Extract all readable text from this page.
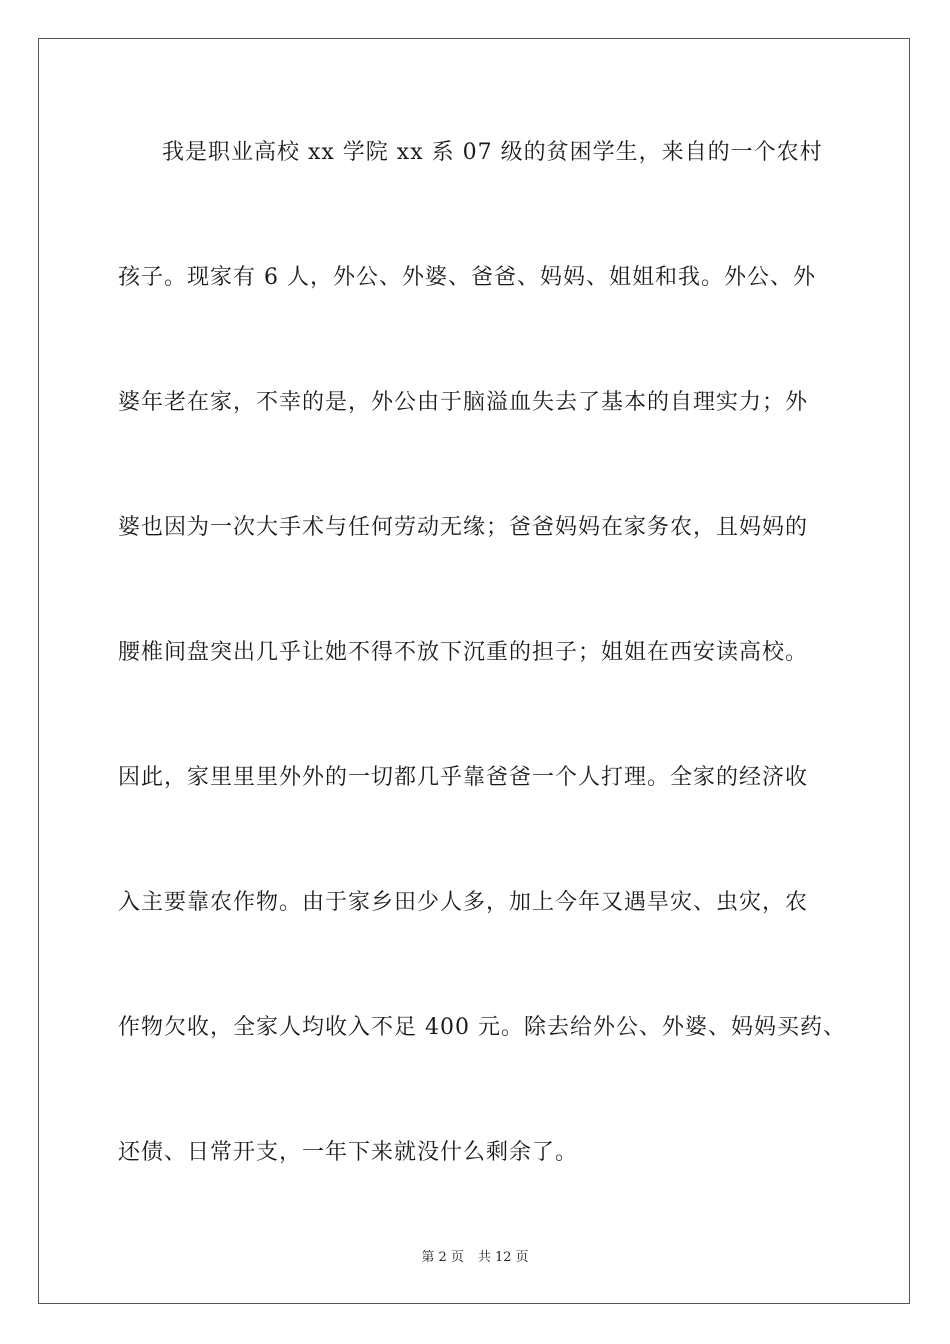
我是职业高校 xx 学院 xx 系 07 级的贫困学生，来自的一个农村
孩子。现家有 6 人，外公、外婆、爸爸、妈妈、姐姐和我。外公、外
婆年老在家，不幸的是，外公由于脑溢血失去了基本的自理实力；外
婆也因为一次大手术与任何劳动无缘；爸爸妈妈在家务农，且妈妈的
腰椎间盘突出几乎让她不得不放下沉重的担子；姐姐在西安读高校。
因此，家里里里外外的一切都几乎靠爸爸一个人打理。全家的经济收
入主要靠农作物。由于家乡田少人多，加上今年又遇旱灾、虫灾，农
作物欠收，全家人均收入不足 400 元。除去给外公、外婆、妈妈买药、
还债、日常开支，一年下来就没什么剩余了。
第 2 页 共 12 页
